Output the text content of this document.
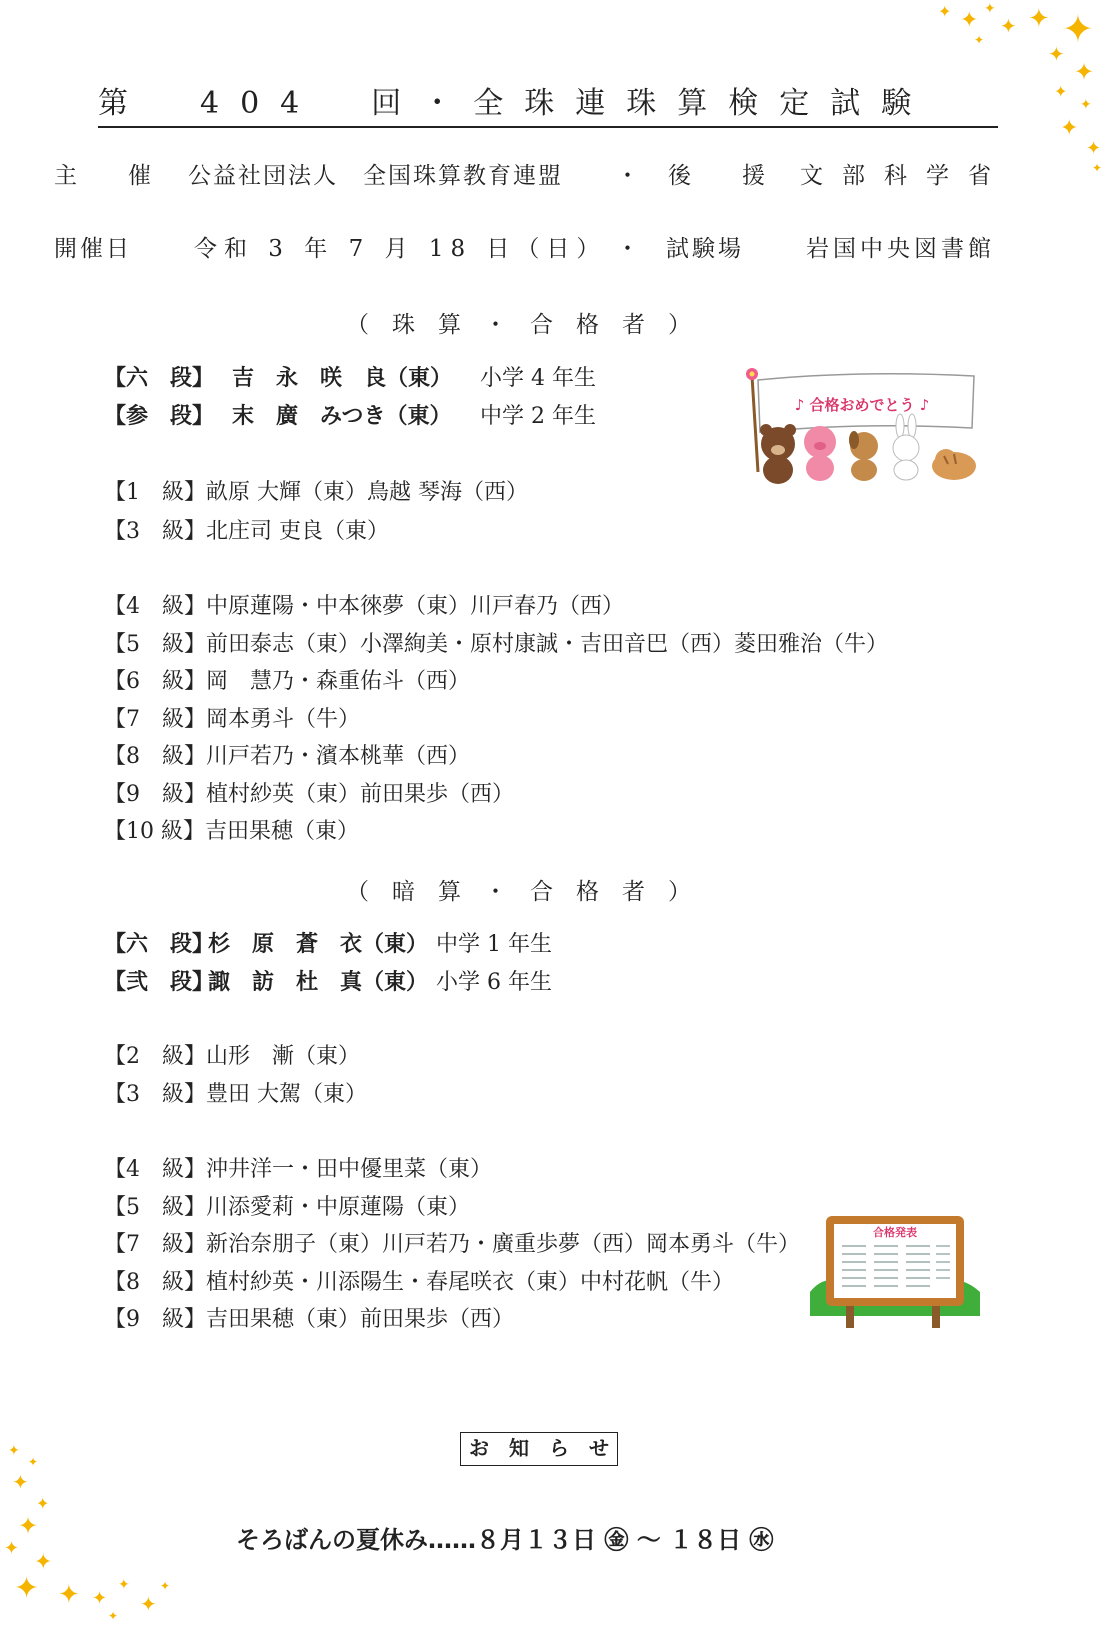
第　404　回・全珠連珠算検定試験
主　催 公益社団法人　全国珠算教育連盟 ・ 後　援 文部科学省
開催日	令和 3 年 7 月 18 日（日） ・ 試験場	岩国中央図書館
（　珠　算　・　合　格　者　）
【六　段】 吉　永　咲　良（東） 小学 4 年生
【参　段】 末　廣　みつき（東） 中学 2 年生
【1　級】畝原 大輝（東）鳥越 琴海（西）
【3　級】北庄司 吏良（東）
【4　級】中原蓮陽・中本徠夢（東）川戸春乃（西）
【5　級】前田泰志（東）小澤絢美・原村康誠・吉田音巴（西）菱田雅治（牛）
【6　級】岡　慧乃・森重佑斗（西）
【7　級】岡本勇斗（牛）
【8　級】川戸若乃・濱本桃華（西）
【9　級】植村紗英（東）前田果歩（西）
【10 級】吉田果穂（東）
（　暗　算　・　合　格　者　）
【六　段】杉　原　蒼　衣（東） 中学 1 年生
【弐　段】諏　訪　杜　真（東） 小学 6 年生
【2　級】山形　漸（東）
【3　級】豊田 大駕（東）
【4　級】沖井洋一・田中優里菜（東）
【5　級】川添愛莉・中原蓮陽（東）
【7　級】新治奈朋子（東）川戸若乃・廣重歩夢（西）岡本勇斗（牛）
【8　級】植村紗英・川添陽生・春尾咲衣（東）中村花帆（牛）
【9　級】吉田果穂（東）前田果歩（西）
♪ 合格おめでとう ♪
合格発表
お　知　ら　せ
そろばんの夏休み……８月１３日 ㊎ 〜 １８日 ㊌
✦ ✦ ✦
✦ ✦ ✦
✦
✦
✦
✦
✦
✦
✦
✦
✦
✦
✦
✦
✦
✦
✦
✦ ✦ ✦
✦
✦
✦
✦
